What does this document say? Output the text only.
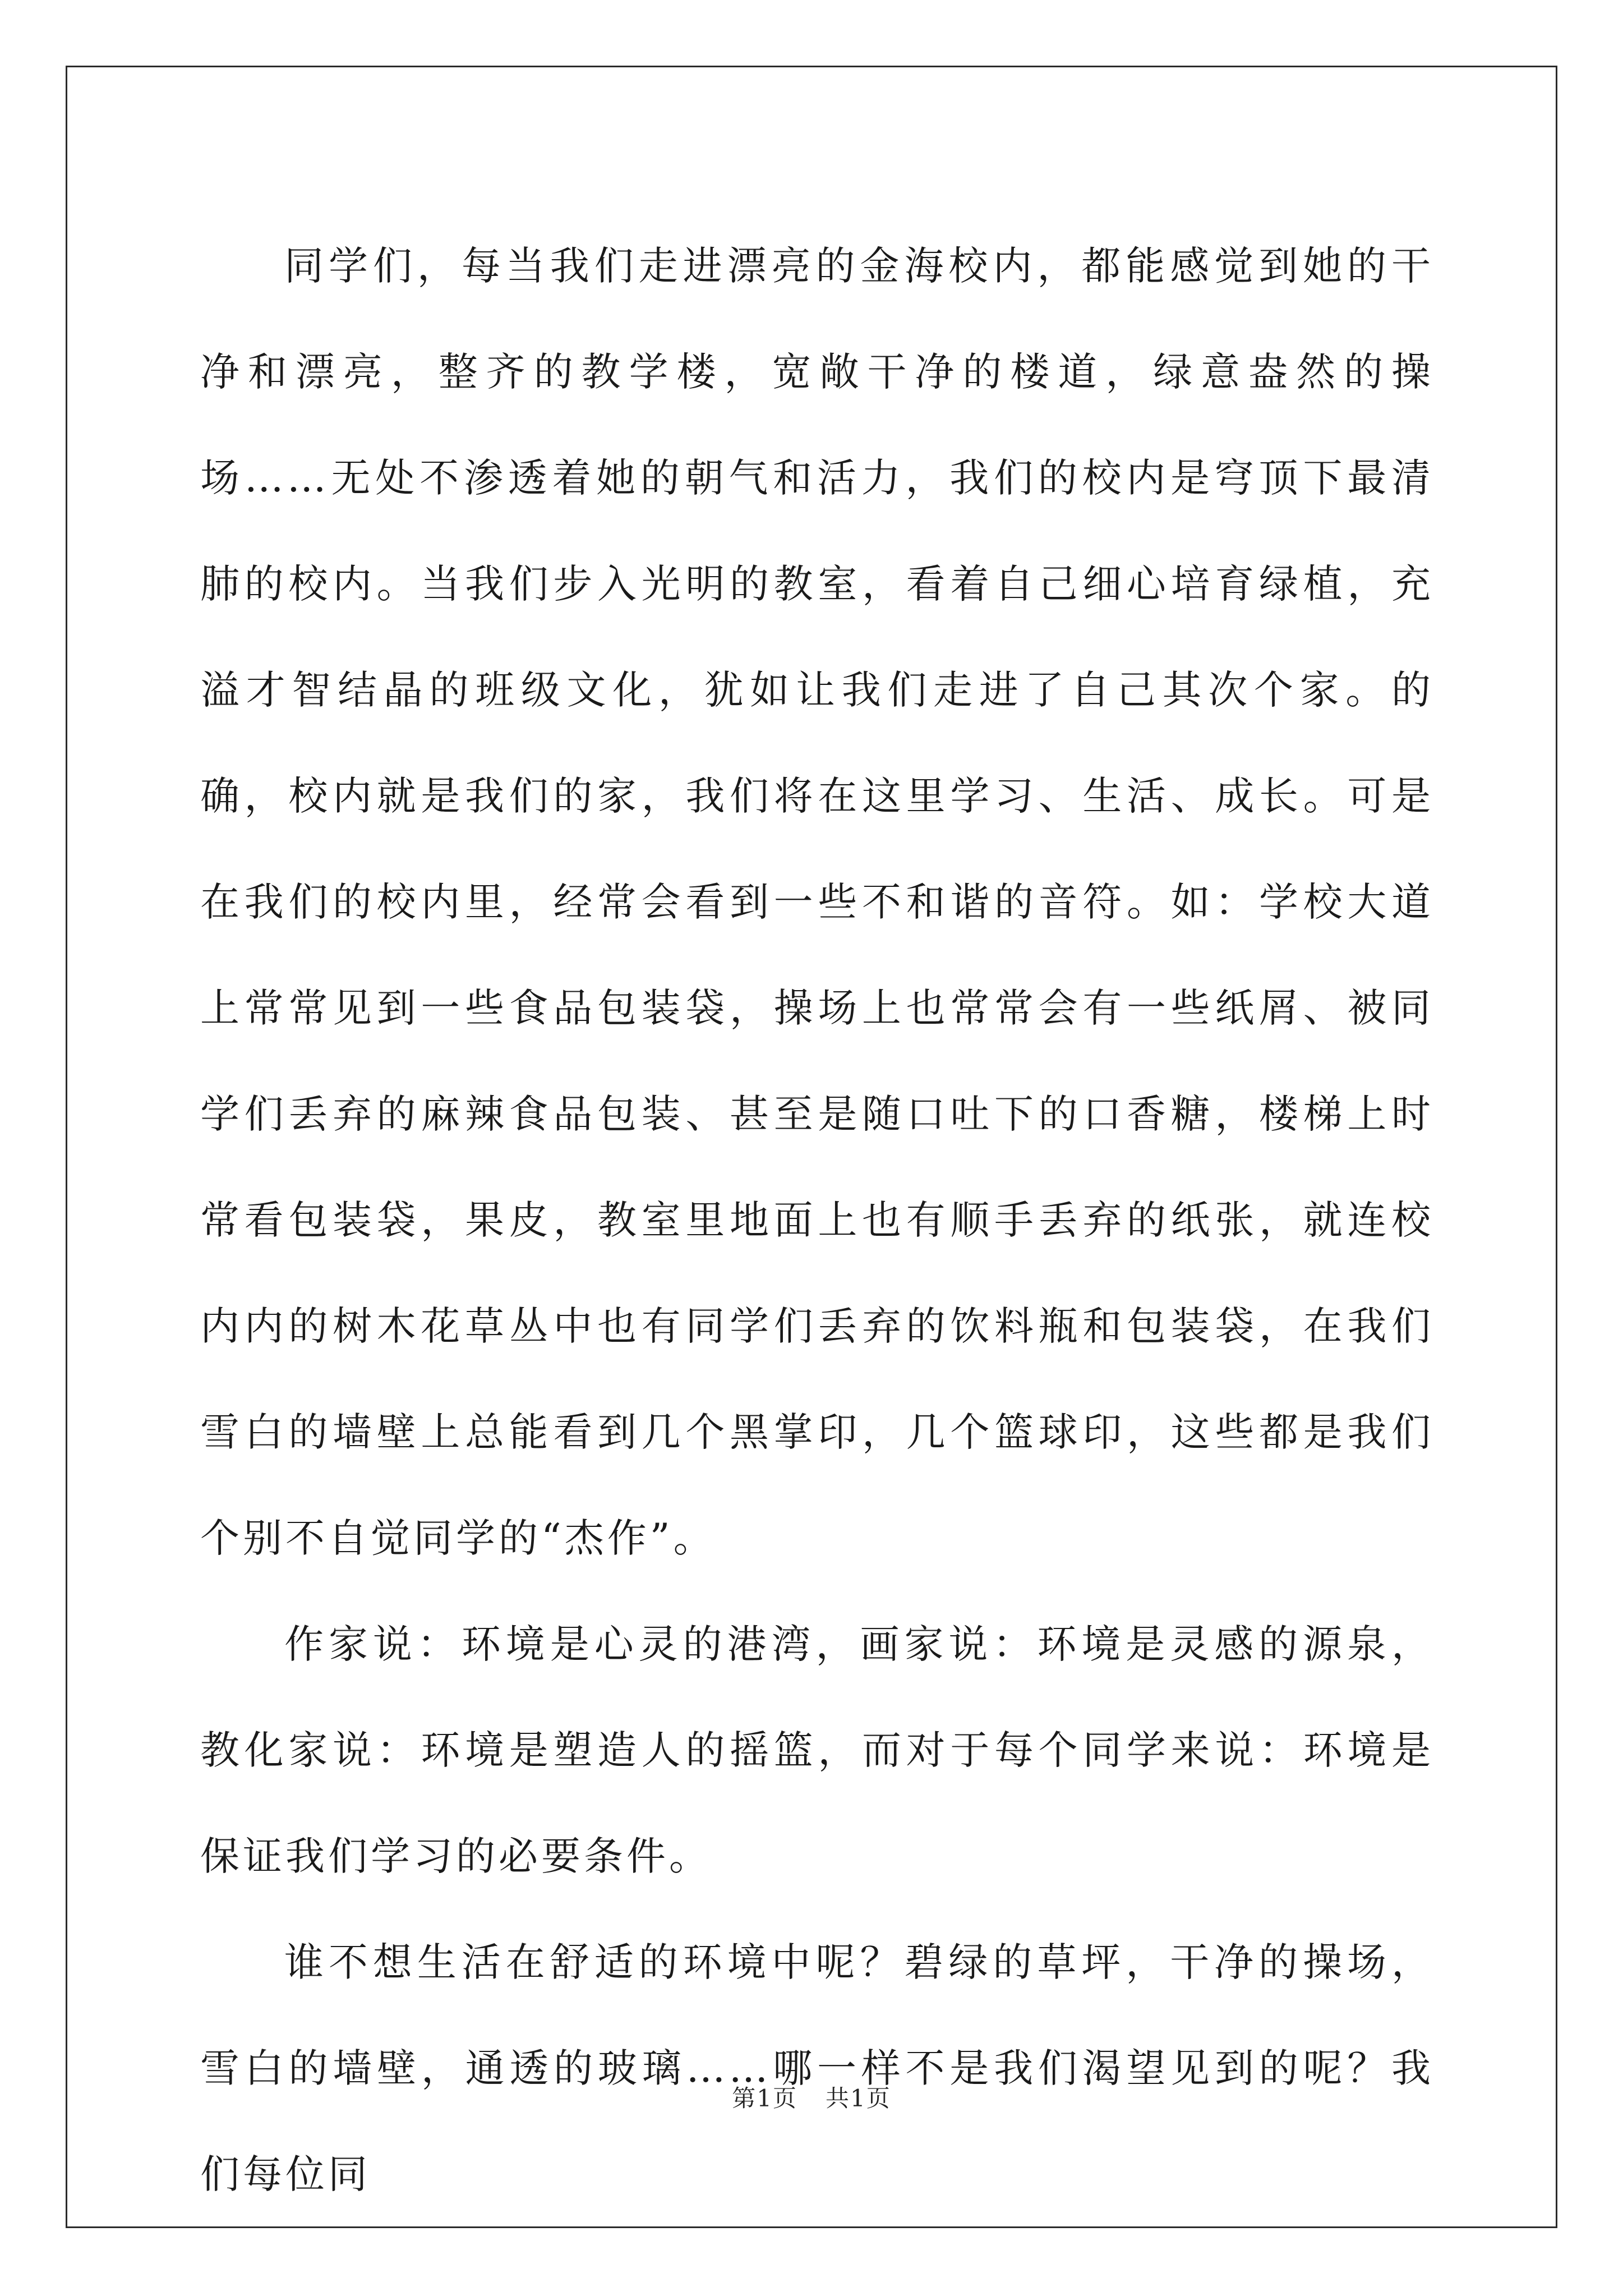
同学们，每当我们走进漂亮的金海校内，都能感觉到她的干净和漂亮，整齐的教学楼，宽敞干净的楼道，绿意盎然的操场……无处不渗透着她的朝气和活力，我们的校内是穹顶下最清肺的校内。当我们步入光明的教室，看着自己细心培育绿植，充溢才智结晶的班级文化，犹如让我们走进了自己其次个家。的确，校内就是我们的家，我们将在这里学习、生活、成长。可是在我们的校内里，经常会看到一些不和谐的音符。如：学校大道上常常见到一些食品包装袋，操场上也常常会有一些纸屑、被同学们丢弃的麻辣食品包装、甚至是随口吐下的口香糖，楼梯上时常看包装袋，果皮，教室里地面上也有顺手丢弃的纸张，就连校内内的树木花草丛中也有同学们丢弃的饮料瓶和包装袋，在我们雪白的墙壁上总能看到几个黑掌印，几个篮球印，这些都是我们个别不自觉同学的“杰作”。

作家说：环境是心灵的港湾，画家说：环境是灵感的源泉，教化家说：环境是塑造人的摇篮，而对于每个同学来说：环境是保证我们学习的必要条件。

谁不想生活在舒适的环境中呢？碧绿的草坪，干净的操场，雪白的墙壁，通透的玻璃……哪一样不是我们渴望见到的呢？我们每位同

第1页 共1页
